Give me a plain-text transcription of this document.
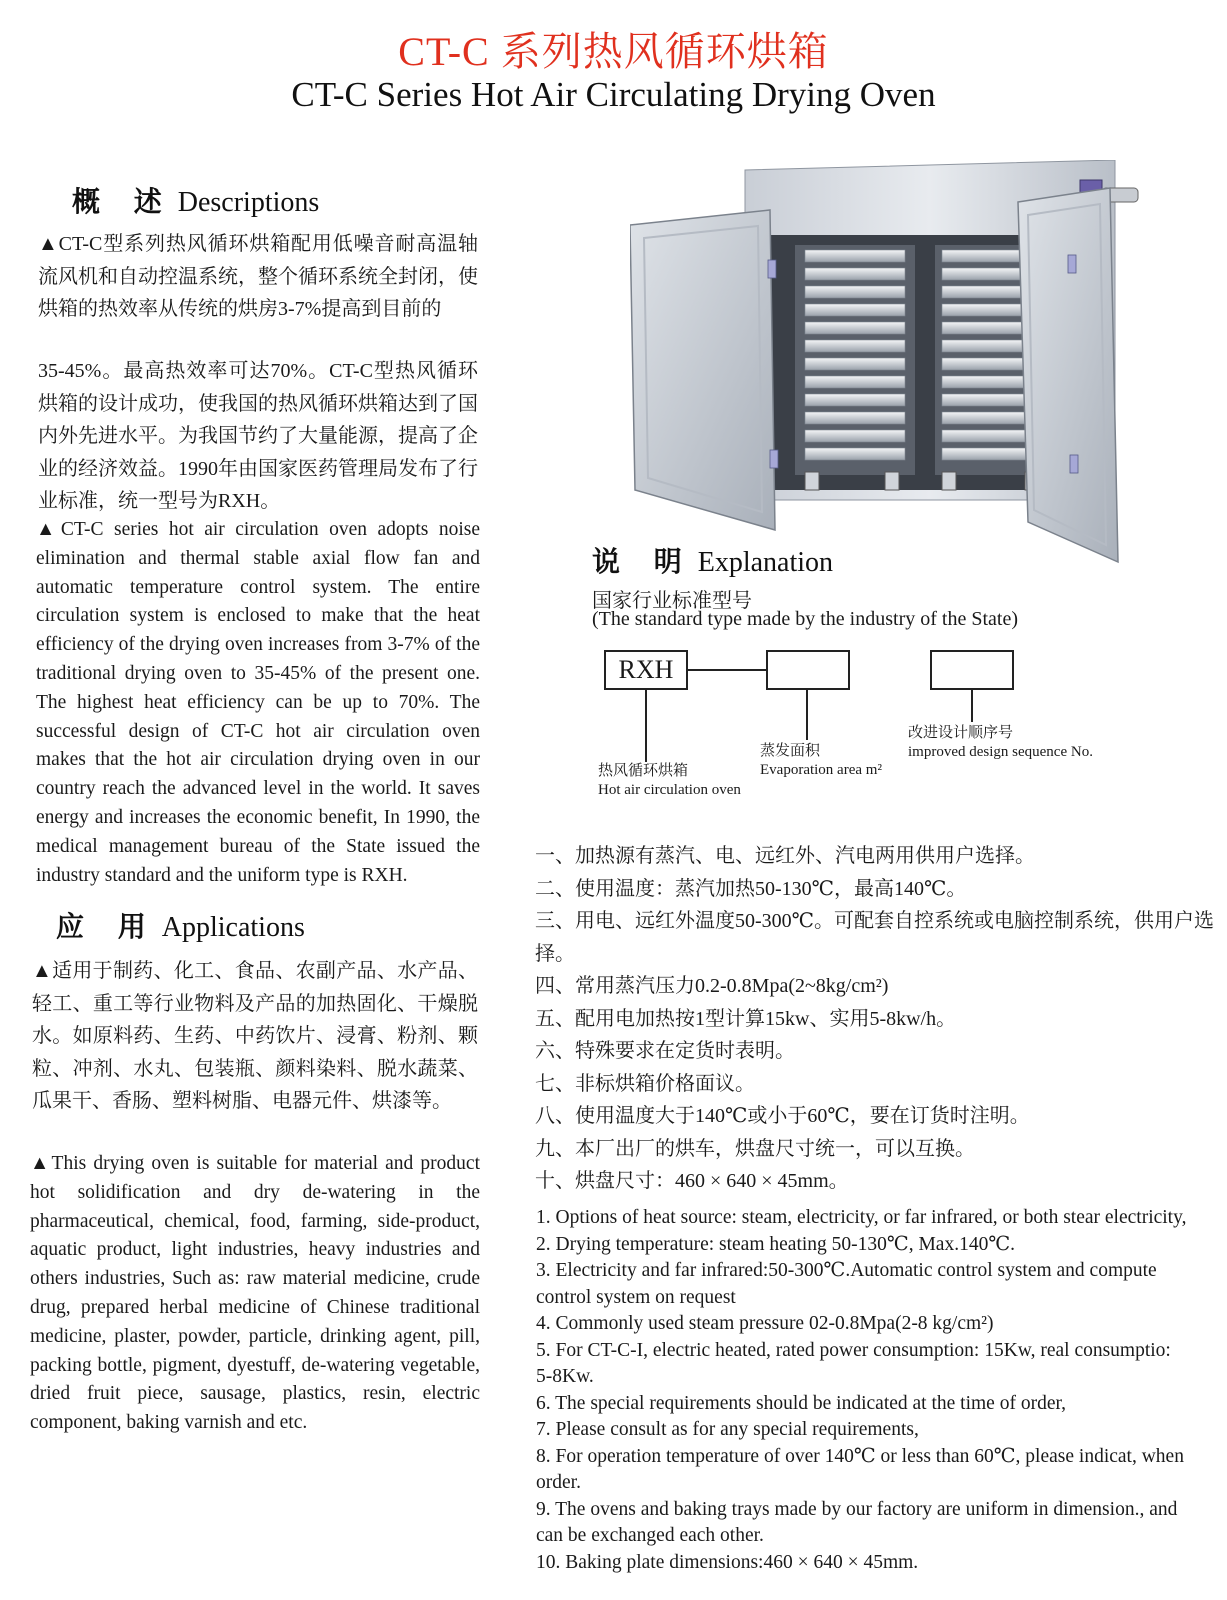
CT-C 系列热风循环烘箱
CT-C Series Hot Air Circulating Drying Oven
概 述 Descriptions
▲CT-C型系列热风循环烘箱配用低噪音耐高温轴流风机和自动控温系统，整个循环系统全封闭，使烘箱的热效率从传统的烘房3-7%提高到目前的
35-45%。最高热效率可达70%。CT-C型热风循环烘箱的设计成功，使我国的热风循环烘箱达到了国内外先进水平。为我国节约了大量能源，提高了企业的经济效益。1990年由国家医药管理局发布了行业标准，统一型号为RXH。
▲CT-C series hot air circulation oven adopts noise elimination and thermal stable axial flow fan and automatic temperature control system. The entire circulation system is enclosed to make that the heat efficiency of the drying oven increases from 3-7% of the traditional drying oven to 35-45% of the present one. The highest heat efficiency can be up to 70%. The successful design of CT-C hot air circulation oven makes that the hot air circulation drying oven in our country reach the advanced level in the world. It saves energy and increases the economic benefit, In 1990, the medical management bureau of the State issued the industry standard and the uniform type is RXH.
应 用 Applications
▲适用于制药、化工、食品、农副产品、水产品、轻工、重工等行业物料及产品的加热固化、干燥脱水。如原料药、生药、中药饮片、浸膏、粉剂、颗粒、冲剂、水丸、包装瓶、颜料染料、脱水蔬菜、瓜果干、香肠、塑料树脂、电器元件、烘漆等。
▲This drying oven is suitable for material and product hot solidification and dry de-watering in the pharmaceutical, chemical, food, farming, side-product, aquatic product, light industries, heavy industries and others industries, Such as: raw material medicine, crude drug, prepared herbal medicine of Chinese traditional medicine, plaster, powder, particle, drinking agent, pill, packing bottle, pigment, dyestuff, de-watering vegetable, dried fruit piece, sausage, plastics, resin, electric component, baking varnish and etc.
说 明 Explanation
国家行业标准型号
(The standard type made by the industry of the State)
RXH
热风循环烘箱
Hot air circulation oven
蒸发面积
Evaporation area m²
改进设计顺序号
improved design sequence No.

一、加热源有蒸汽、电、远红外、汽电两用供用户选择。

二、使用温度：蒸汽加热50-130℃，最高140℃。

三、用电、远红外温度50-300℃。可配套自控系统或电脑控制系统，供用户选择。

四、常用蒸汽压力0.2-0.8Mpa(2~8kg/cm²)

五、配用电加热按1型计算15kw、实用5-8kw/h。

六、特殊要求在定货时表明。

七、非标烘箱价格面议。

八、使用温度大于140℃或小于60℃，要在订货时注明。

九、本厂出厂的烘车，烘盘尺寸统一，可以互换。

十、烘盘尺寸：460 × 640 × 45mm。

1. Options of heat source: steam, electricity, or far infrared, or both stear electricity,

2. Drying temperature: steam heating 50-130℃, Max.140℃.

3. Electricity and far infrared:50-300℃.Automatic control system and compute control system on request

4. Commonly used steam pressure 02-0.8Mpa(2-8 kg/cm²)

5. For CT-C-I, electric heated, rated power consumption: 15Kw, real consumptio: 5-8Kw.

6. The special requirements should be indicated at the time of order,

7. Please consult as for any special requirements,

8. For operation temperature of over 140℃ or less than 60℃, please indicat, when order.

9. The ovens and baking trays made by our factory are uniform in dimension., and can be exchanged each other.

10. Baking plate dimensions:460 × 640 × 45mm.
